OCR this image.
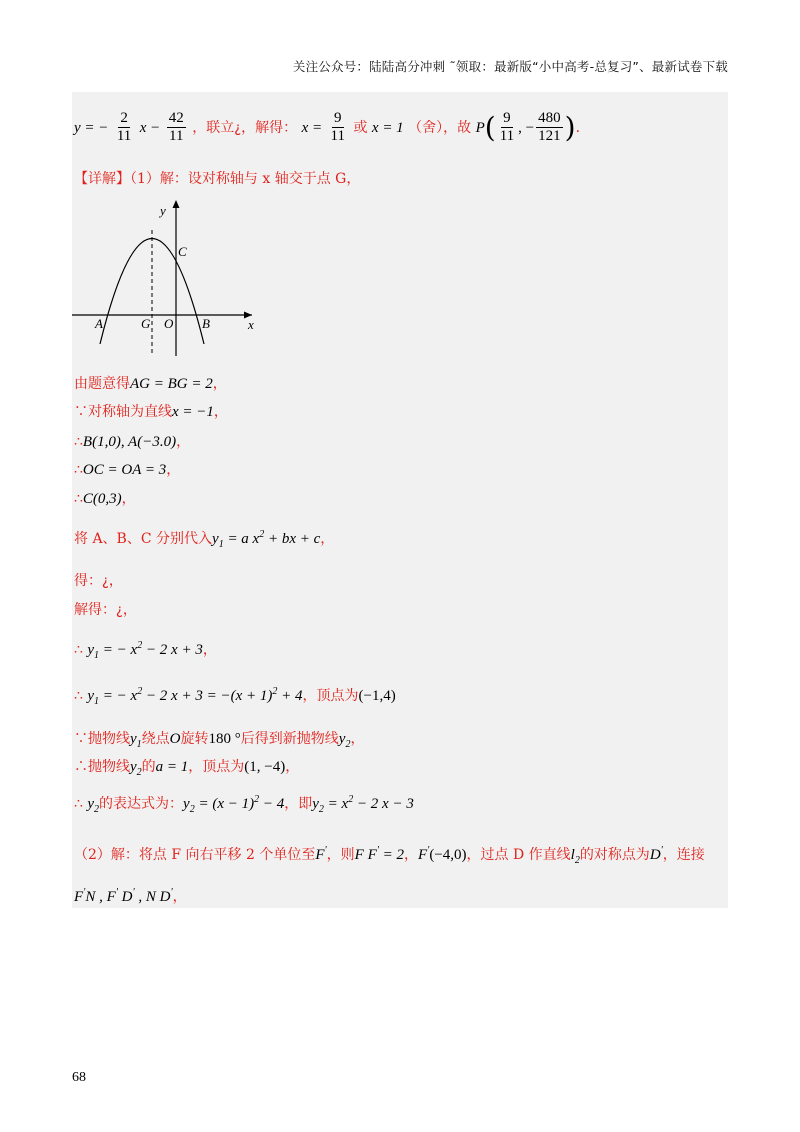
关注公众号：陆陆高分冲刺 ˜领取：最新版“小中高考-总复习”、最新试卷下载
y = − $\frac{2}{11}$ $x - \frac{42}{11}$ ，联立¿，解得： $x = \frac{9}{11}$ 或 x = 1 （舍），故 $P( \frac{9}{11}$ , − $\frac{480}{121}$ ).
【详解】（1）解：设对称轴与 x 轴交于点 G，
y
x
C
A	G O B
由题意得AG = BG = 2，
∵对称轴为直线x = −1，
∴B(1,0), A(−3.0)，
∴OC = OA = 3，
∴C(0,3)，
将 A、B、C 分别代入$y_1 = a$ $x^2$ + bx + c，
得：¿，
解得：¿，
∴ $y_1$ = − $x^2 - 2$ x + 3，
∴ $y_1$ = − $x^2 - 2$ $x + 3 = -(x + 1)^2 + 4$，顶点为(−1,4)
∵抛物线$y_1$绕点O旋转180 °后得到新抛物线$y_2$，
∴抛物线$y_2$的a = 1，顶点为(1, −4)，
∴ $y_2$的表达式为：$y_2 = (x - 1)^2 - 4$，即$y_2 = x^2 - 2$ x − 3
（2）解：将点 F 向右平移 2 个单位至F'，则F F' = 2，F'(−4,0)，过点 D 作直线$l_2$的对称点为D'，连接
F'N , F' D' , N D'，
68
